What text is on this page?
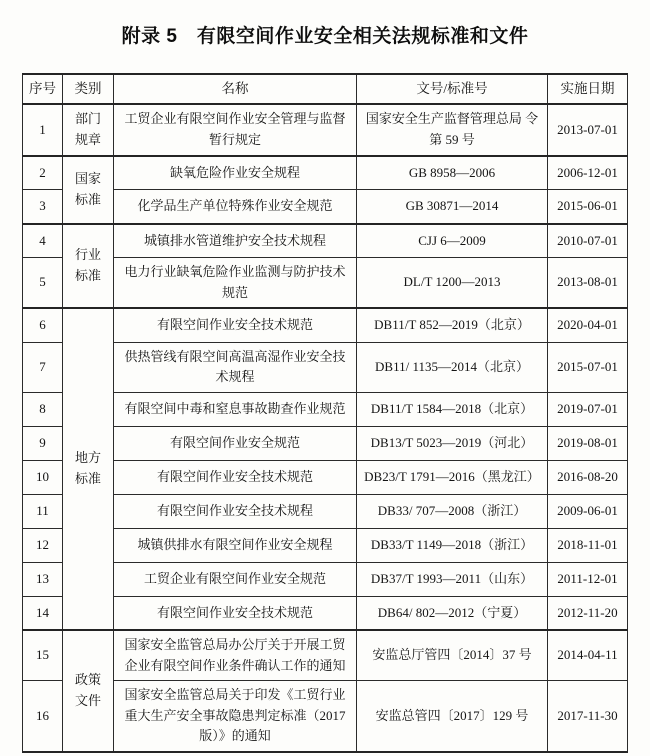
附录 5　有限空间作业安全相关法规标准和文件
序号	类别	名称	文号/标准号	实施日期
1	部门规章	工贸企业有限空间作业安全管理与监督暂行规定	国家安全生产监督管理总局 令第 59 号	2013-07-01
2	国家标准	缺氧危险作业安全规程	GB 8958—2006	2006-12-01
3		化学品生产单位特殊作业安全规范	GB 30871—2014	2015-06-01
4	行业标准	城镇排水管道维护安全技术规程	CJJ 6—2009	2010-07-01
5		电力行业缺氧危险作业监测与防护技术规范	DL/T 1200—2013	2013-08-01
6	地方标准	有限空间作业安全技术规范	DB11/T 852—2019（北京）	2020-04-01
7		供热管线有限空间高温高湿作业安全技术规程	DB11/ 1135—2014（北京）	2015-07-01
8		有限空间中毒和窒息事故勘查作业规范	DB11/T 1584—2018（北京）	2019-07-01
9		有限空间作业安全规范	DB13/T 5023—2019（河北）	2019-08-01
10		有限空间作业安全技术规范	DB23/T 1791—2016（黑龙江）	2016-08-20
11		有限空间作业安全技术规程	DB33/ 707—2008（浙江）	2009-06-01
12		城镇供排水有限空间作业安全规程	DB33/T 1149—2018（浙江）	2018-11-01
13		工贸企业有限空间作业安全规范	DB37/T 1993—2011（山东）	2011-12-01
14		有限空间作业安全技术规范	DB64/ 802—2012（宁夏）	2012-11-20
15	政策文件	国家安全监管总局办公厅关于开展工贸企业有限空间作业条件确认工作的通知	安监总厅管四〔2014〕37 号	2014-04-11
16		国家安全监管总局关于印发《工贸行业重大生产安全事故隐患判定标准（2017版）》的通知	安监总管四〔2017〕129 号	2017-11-30
